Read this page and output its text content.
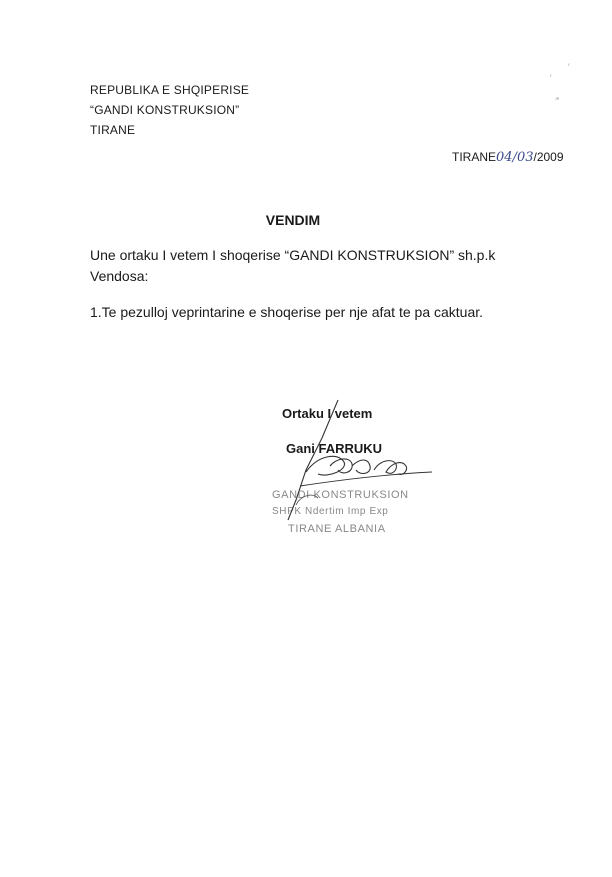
REPUBLIKA E SHQIPERISE
“GANDI KONSTRUKSION”
TIRANE
TIRANE04/03/2009
VENDIM
Une ortaku I vetem I shoqerise “GANDI KONSTRUKSION” sh.p.k
Vendosa:
1.Te pezulloj veprintarine e shoqerise per nje afat te pa caktuar.
Ortaku I vetem
Gani FARRUKU
GANDI KONSTRUKSION
SHPK Ndertim Imp Exp
TIRANE ALBANIA
′
′
‴
